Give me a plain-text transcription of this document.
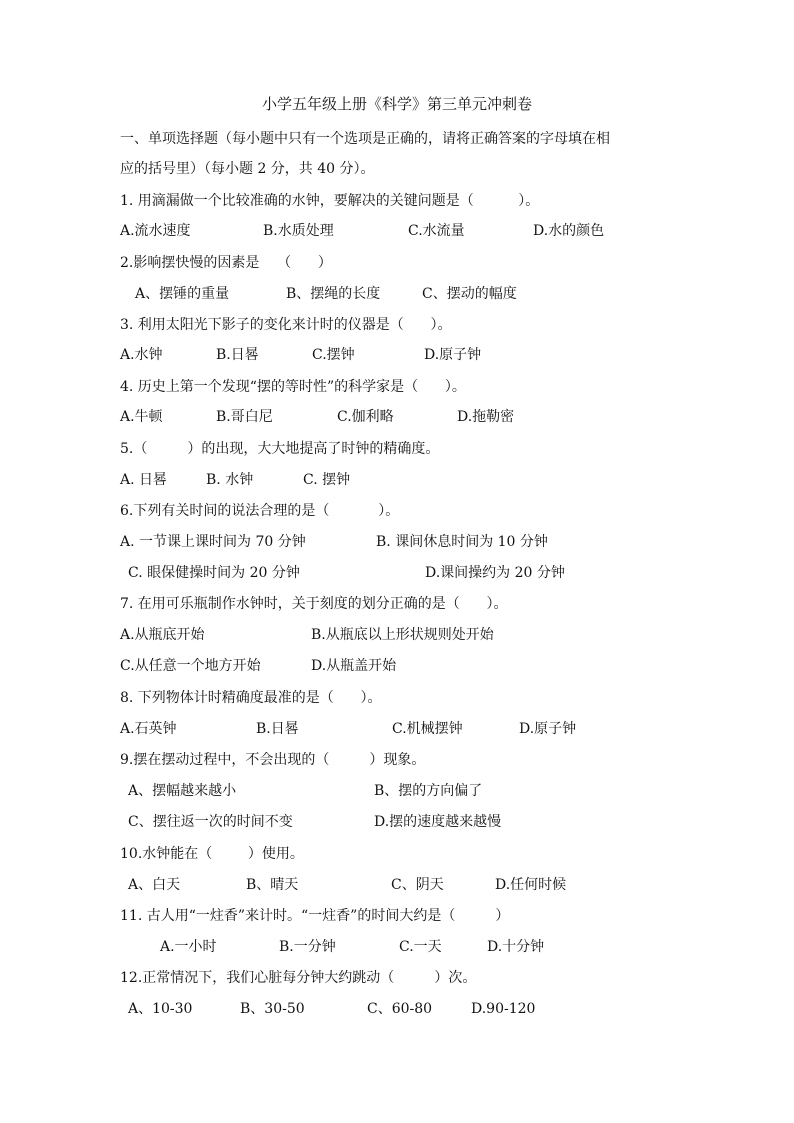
小学五年级上册《科学》第三单元冲刺卷
一、单项选择题（每小题中只有一个选项是正确的，请将正确答案的字母填在相
应的括号里）（每小题 2 分，共 40 分）。
1. 用滴漏做一个比较准确的水钟，要解决的关键问题是（          ）。
A.流水速度	B.水质处理	C.水流量	D.水的颜色
2.影响摆快慢的因素是    （      ）
A、摆锤的重量	B、摆绳的长度	C、摆动的幅度
3. 利用太阳光下影子的变化来计时的仪器是（      ）。
A.水钟	B.日晷	C.摆钟	D.原子钟
4. 历史上第一个发现“摆的等时性”的科学家是（      ）。
A.牛顿	B.哥白尼	C.伽利略	D.拖勒密
5.（         ）的出现，大大地提高了时钟的精确度。
A. 日晷	B. 水钟	C. 摆钟
6.下列有关时间的说法合理的是（           ）。
A. 一节课上课时间为 70 分钟	B. 课间休息时间为 10 分钟
C. 眼保健操时间为 20 分钟	D.课间操约为 20 分钟
7. 在用可乐瓶制作水钟时，关于刻度的划分正确的是（      ）。
A.从瓶底开始	B.从瓶底以上形状规则处开始
C.从任意一个地方开始	D.从瓶盖开始
8. 下列物体计时精确度最准的是（      ）。
A.石英钟	B.日晷	C.机械摆钟	D.原子钟
9.摆在摆动过程中，不会出现的（         ）现象。
A、摆幅越来越小	B、摆的方向偏了
C、摆往返一次的时间不变	D.摆的速度越来越慢
10.水钟能在（        ）使用。
A、白天	B、晴天	C、阴天	D.任何时候
11. 古人用“一炷香”来计时。“一炷香”的时间大约是（         ）
A.一小时	B.一分钟	C.一天	D.十分钟
12.正常情况下，我们心脏每分钟大约跳动（         ）次。
A、10-30	B、30-50	C、60-80	D.90-120
